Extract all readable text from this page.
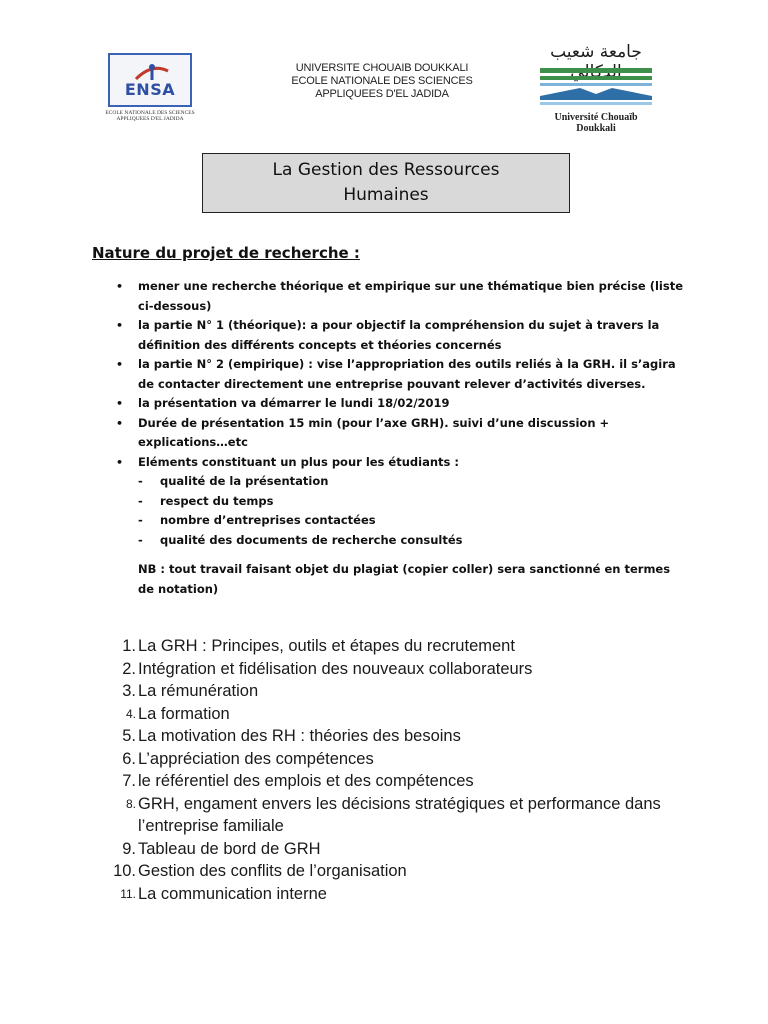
ENSA
ECOLE NATIONALE DES SCIENCES
APPLIQUEES D'EL JADIDA
UNIVERSITE CHOUAIB DOUKKALI
ECOLE NATIONALE DES SCIENCES
APPLIQUEES D'EL JADIDA
جامعة شعيب
Université Chouaïb Doukkali
La Gestion des Ressources
Humaines
Nature du projet de recherche :
• mener une recherche théorique et empirique sur une thématique bien précise (liste ci-dessous)
• la partie N° 1 (théorique): a pour objectif la compréhension du sujet à travers la définition des différents concepts et théories concernés
• la partie N° 2 (empirique) : vise l’appropriation des outils reliés à la GRH. il s’agira de contacter directement une entreprise pouvant relever d’activités diverses.
• la présentation va démarrer le lundi 18/02/2019
• Durée de présentation 15 min (pour l’axe GRH). suivi d’une discussion + explications…etc
• Eléments constituant un plus pour les étudiants :
- qualité de la présentation
- respect du temps
- nombre d’entreprises contactées
- qualité des documents de recherche consultés
NB : tout travail faisant objet du plagiat (copier coller) sera sanctionné en termes de notation)
1. La GRH : Principes, outils et étapes du recrutement
2. Intégration et fidélisation des nouveaux collaborateurs
3. La rémunération
4. La formation
5. La motivation des RH : théories des besoins
6. L’appréciation des compétences
7. le référentiel des emplois et des compétences
8. GRH, engament envers les décisions stratégiques et performance dans l’entreprise familiale
9. Tableau de bord de GRH
10. Gestion des conflits de l’organisation
11. La communication interne
